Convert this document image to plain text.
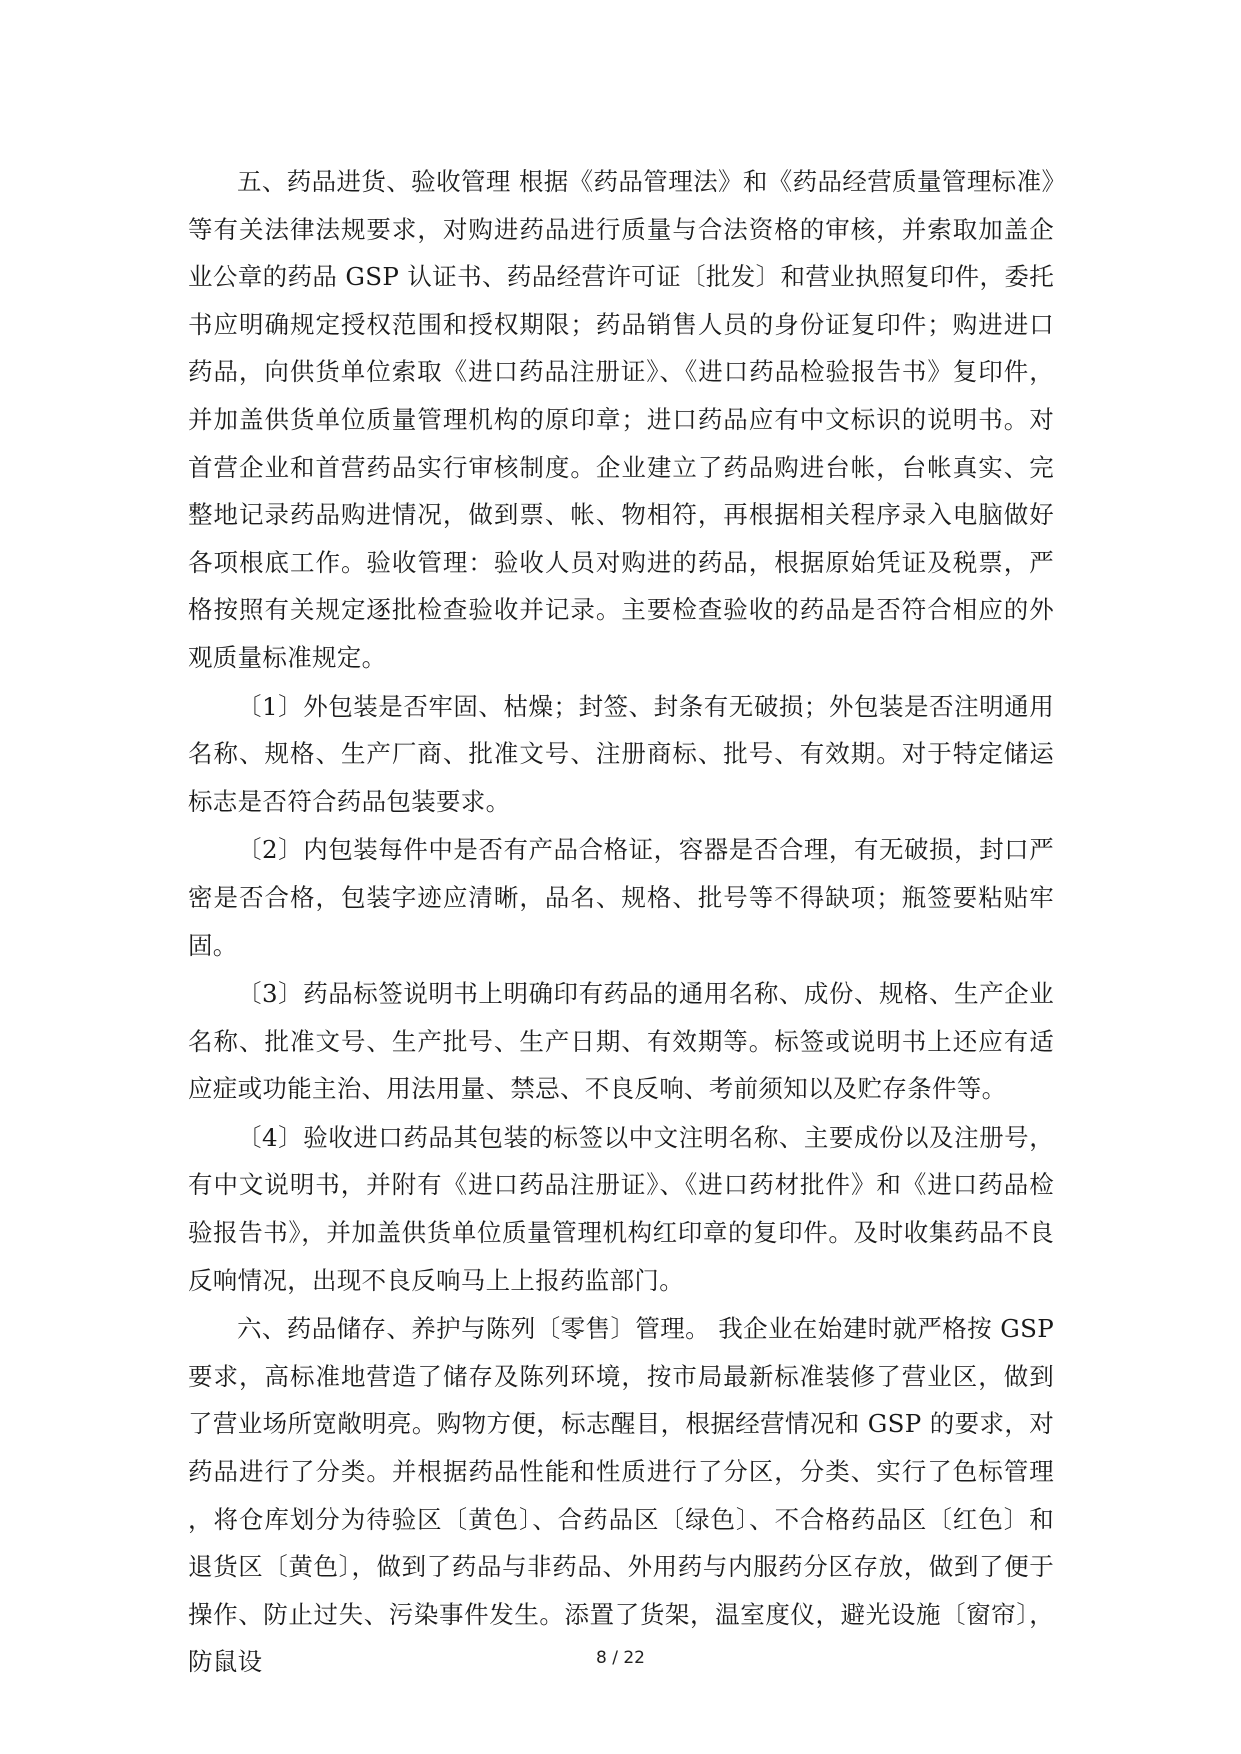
五、药品进货、验收管理 根据《药品管理法》和《药品经营质量管理标准》等有关法律法规要求，对购进药品进行质量与合法资格的审核，并索取加盖企业公章的药品 GSP 认证书、药品经营许可证〔批发〕和营业执照复印件，委托书应明确规定授权范围和授权期限；药品销售人员的身份证复印件；购进进口药品，向供货单位索取《进口药品注册证》、《进口药品检验报告书》复印件，并加盖供货单位质量管理机构的原印章；进口药品应有中文标识的说明书。对首营企业和首营药品实行审核制度。企业建立了药品购进台帐，台帐真实、完整地记录药品购进情况，做到票、帐、物相符，再根据相关程序录入电脑做好各项根底工作。验收管理：验收人员对购进的药品，根据原始凭证及税票，严格按照有关规定逐批检查验收并记录。主要检查验收的药品是否符合相应的外观质量标准规定。

〔1〕外包装是否牢固、枯燥；封签、封条有无破损；外包装是否注明通用名称、规格、生产厂商、批准文号、注册商标、批号、有效期。对于特定储运标志是否符合药品包装要求。

〔2〕内包装每件中是否有产品合格证，容器是否合理，有无破损，封口严密是否合格，包装字迹应清晰，品名、规格、批号等不得缺项；瓶签要粘贴牢固。

〔3〕药品标签说明书上明确印有药品的通用名称、成份、规格、生产企业名称、批准文号、生产批号、生产日期、有效期等。标签或说明书上还应有适应症或功能主治、用法用量、禁忌、不良反响、考前须知以及贮存条件等。

〔4〕验收进口药品其包装的标签以中文注明名称、主要成份以及注册号，有中文说明书，并附有《进口药品注册证》、《进口药材批件》和《进口药品检验报告书》，并加盖供货单位质量管理机构红印章的复印件。及时收集药品不良反响情况，出现不良反响马上上报药监部门。

六、药品储存、养护与陈列〔零售〕管理。 我企业在始建时就严格按 GSP 要求，高标准地营造了储存及陈列环境，按市局最新标准装修了营业区，做到了营业场所宽敞明亮。购物方便，标志醒目，根据经营情况和 GSP 的要求，对药品进行了分类。并根据药品性能和性质进行了分区，分类、实行了色标管理，将仓库划分为待验区〔黄色〕、合药品区〔绿色〕、不合格药品区〔红色〕和退货区〔黄色〕，做到了药品与非药品、外用药与内服药分区存放，做到了便于操作、防止过失、污染事件发生。添置了货架，温室度仪，避光设施〔窗帘〕，防鼠设	8 / 22
